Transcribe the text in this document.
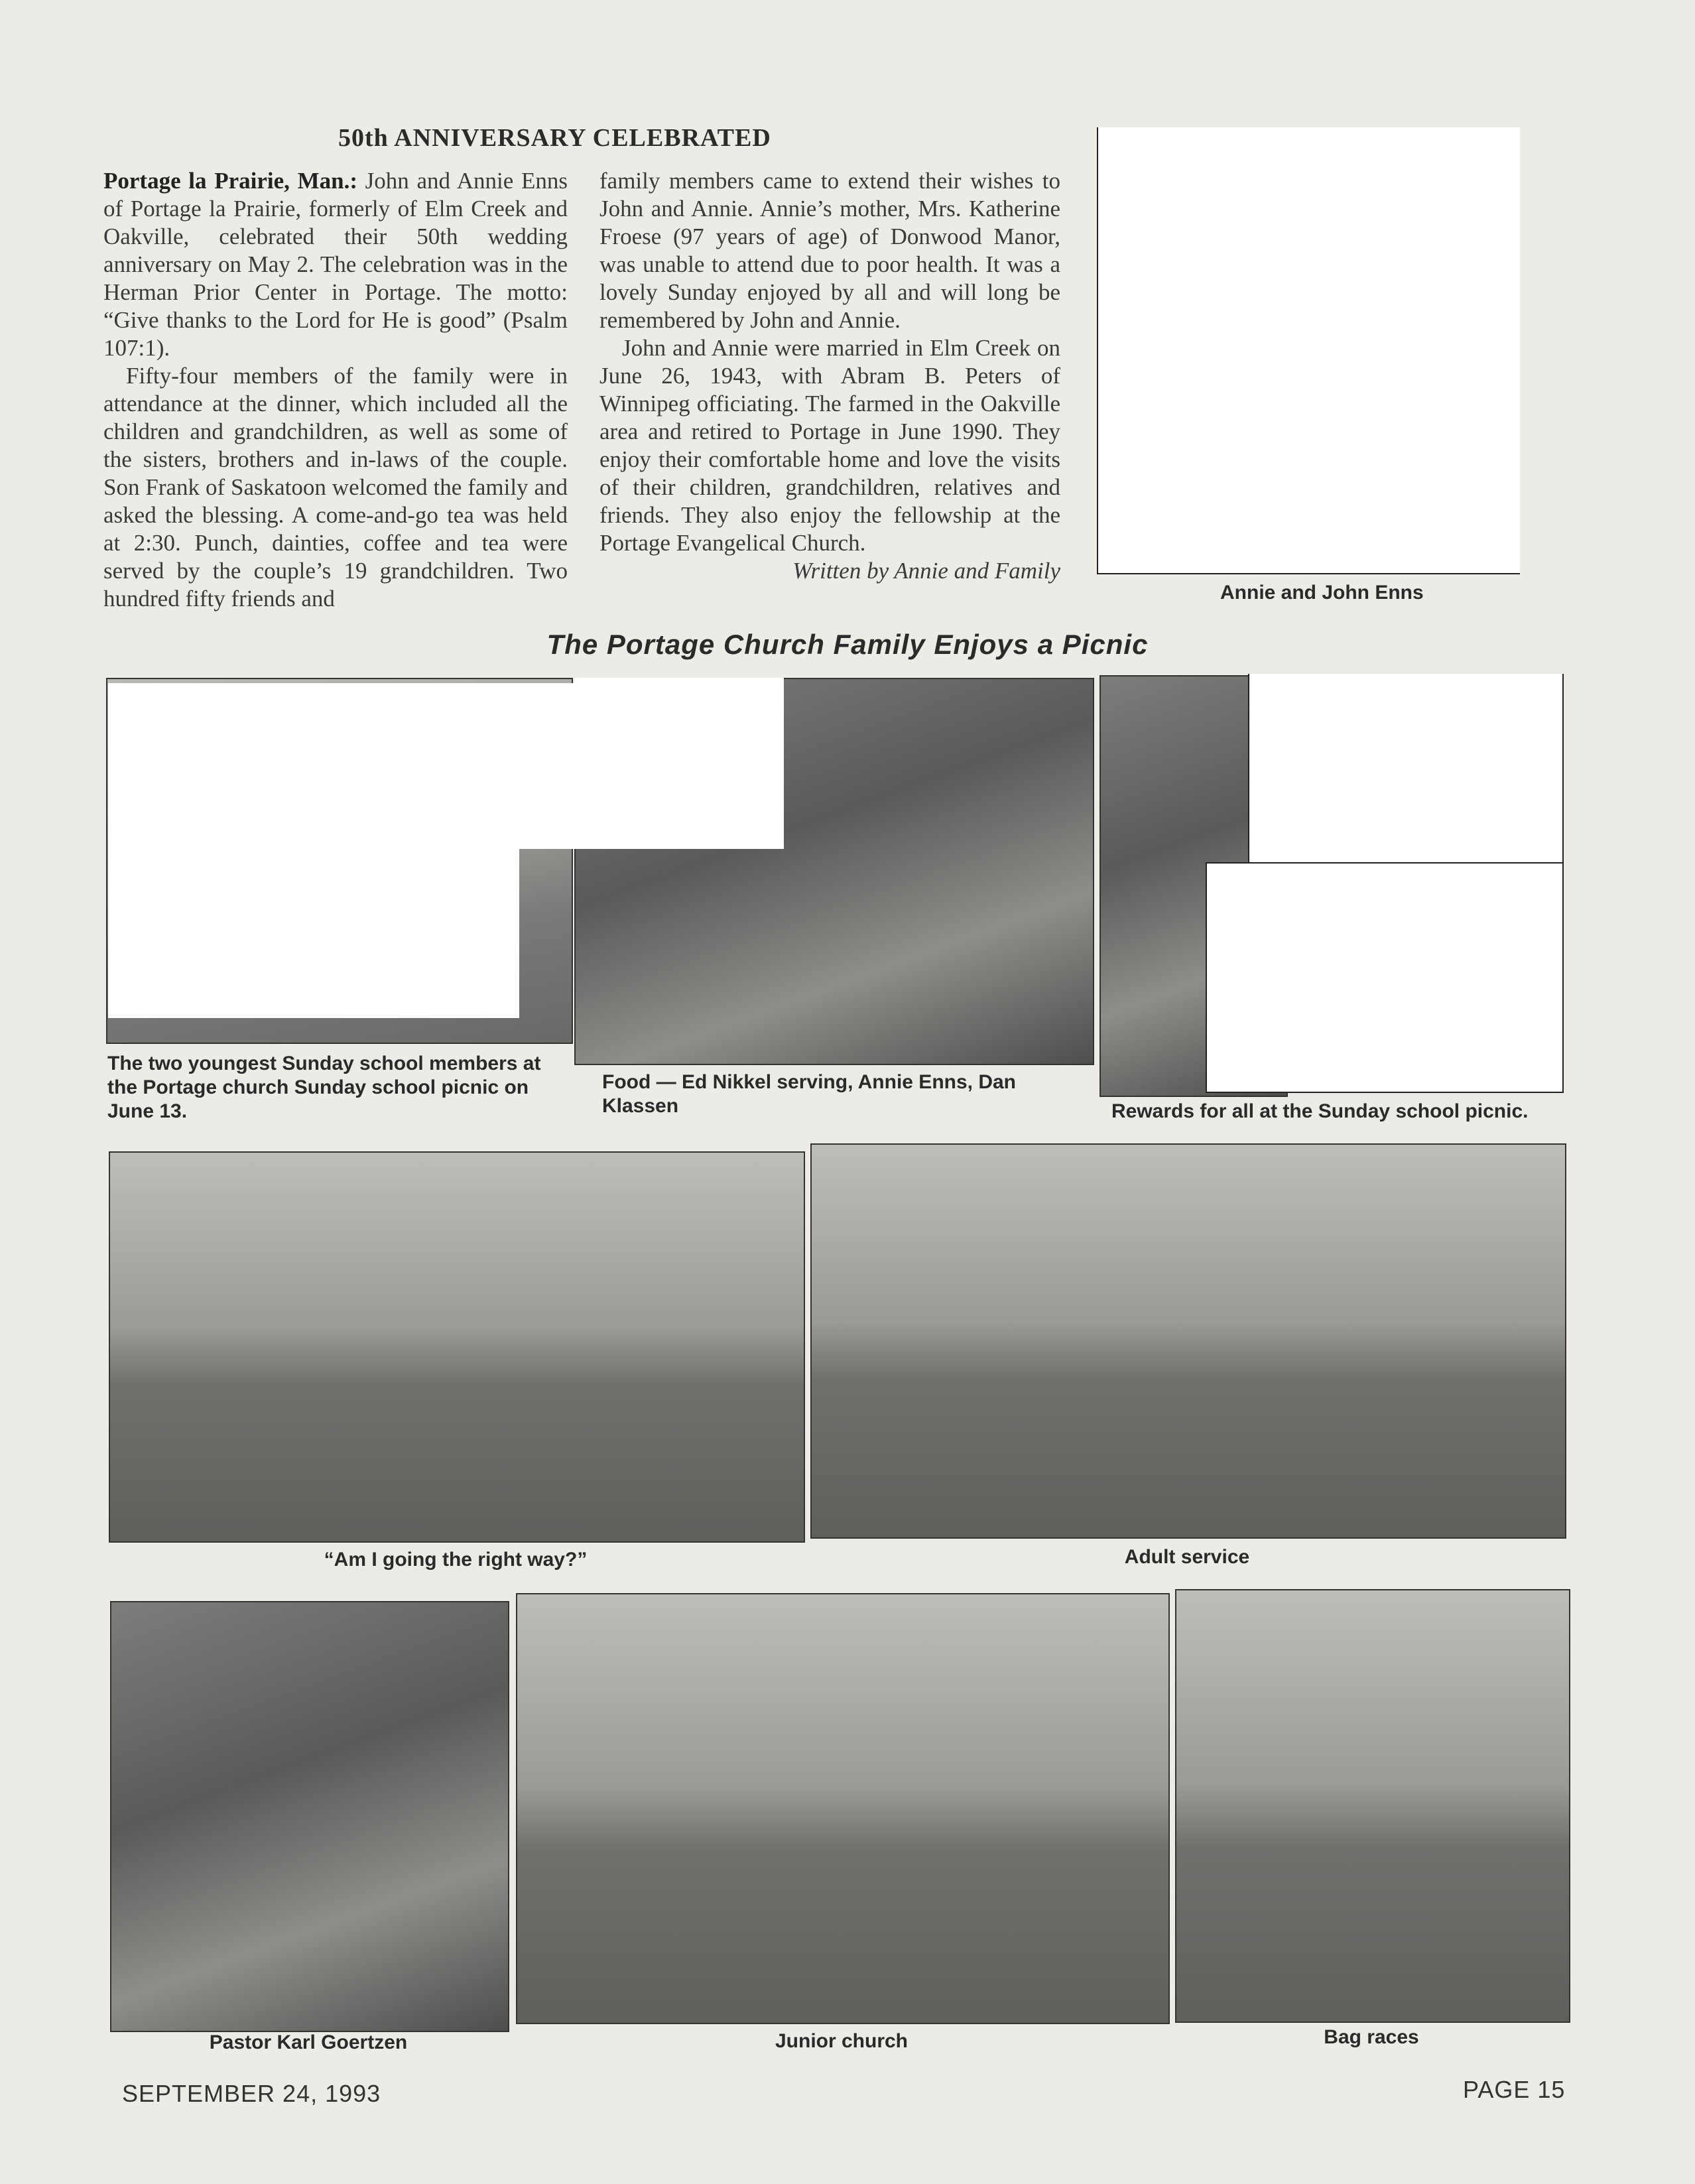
50th ANNIVERSARY CELEBRATED

Portage la Prairie, Man.: John and Annie Enns of Portage la Prairie, formerly of Elm Creek and Oakville, celebrated their 50th wedding anniversary on May 2. The celebration was in the Herman Prior Center in Portage. The motto: “Give thanks to the Lord for He is good” (Psalm 107:1).

Fifty-four members of the family were in attendance at the dinner, which included all the children and grandchildren, as well as some of the sisters, brothers and in-laws of the couple. Son Frank of Saskatoon welcomed the family and asked the blessing. A come-and-go tea was held at 2:30. Punch, dainties, coffee and tea were served by the couple’s 19 grandchildren. Two hundred fifty friends and

family members came to extend their wishes to John and Annie. Annie’s mother, Mrs. Katherine Froese (97 years of age) of Donwood Manor, was unable to attend due to poor health. It was a lovely Sunday enjoyed by all and will long be remembered by John and Annie.

John and Annie were married in Elm Creek on June 26, 1943, with Abram B. Peters of Winnipeg officiating. The farmed in the Oakville area and retired to Portage in June 1990. They enjoy their comfortable home and love the visits of their children, grandchildren, relatives and friends. They also enjoy the fellowship at the Portage Evangelical Church.

Written by Annie and Family

Annie and John Enns
The Portage Church Family Enjoys a Picnic
The two youngest Sunday school members at the Portage church Sunday school picnic on June 13.
Food — Ed Nikkel serving, Annie Enns, Dan Klassen	Rewards for all at the Sunday school picnic.
“Am I going the right way?”	Adult service
Pastor Karl Goertzen	Junior church	Bag races
SEPTEMBER 24, 1993	PAGE 15
